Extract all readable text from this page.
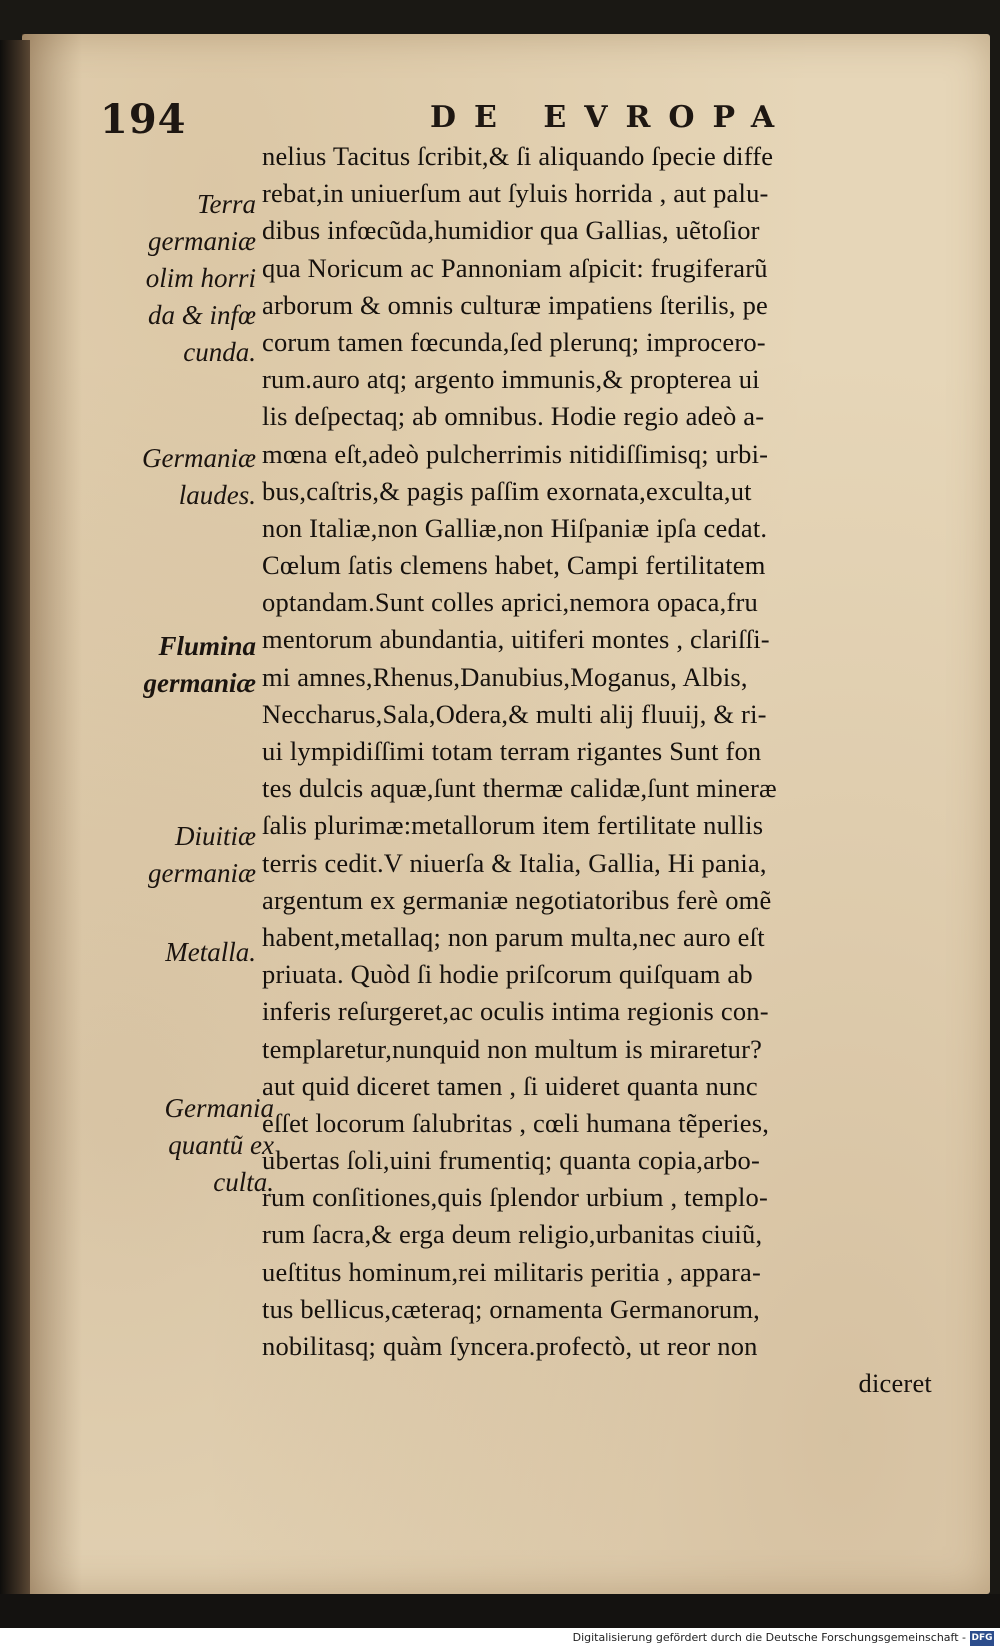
194	DE EVROPA
nelius Tacitus ſcribit,& ſi aliquando ſpecie diffe
rebat,in uniuerſum aut ſyluis horrida , aut palu-
dibus infœcũda,humidior qua Gallias, uẽtoſior
qua Noricum ac Pannoniam aſpicit: frugiferarũ
arborum & omnis culturæ impatiens ſterilis, pe
corum tamen fœcunda,ſed plerunq; improcero-
rum.auro atq; argento immunis,& propterea ui
lis deſpectaq; ab omnibus. Hodie regio adeò a-
mœna eſt,adeò pulcherrimis nitidiſſimisq; urbi-
bus,caſtris,& pagis paſſim exornata,exculta,ut
non Italiæ,non Galliæ,non Hiſpaniæ ipſa cedat.
Cœlum ſatis clemens habet, Campi fertilitatem
optandam.Sunt colles aprici,nemora opaca,fru
mentorum abundantia, uitiferi montes , clariſſi-
mi amnes,Rhenus,Danubius,Moganus, Albis,
Neccharus,Sala,Odera,& multi alij fluuij, & ri-
ui lympidiſſimi totam terram rigantes Sunt fon
tes dulcis aquæ,ſunt thermæ calidæ,ſunt mineræ
ſalis plurimæ:metallorum item fertilitate nullis
terris cedit.V niuerſa & Italia, Gallia, Hi pania,
argentum ex germaniæ negotiatoribus ferè omẽ
habent,metallaq; non parum multa,nec auro eſt
priuata. Quòd ſi hodie priſcorum quiſquam ab
inferis reſurgeret,ac oculis intima regionis con-
templaretur,nunquid non multum is miraretur?
aut quid diceret tamen , ſi uideret quanta nunc
eſſet locorum ſalubritas , cœli humana tẽperies,
ubertas ſoli,uini frumentiq; quanta copia,arbo-
rum conſitiones,quis ſplendor urbium , templo-
rum ſacra,& erga deum religio,urbanitas ciuiũ,
ueſtitus hominum,rei militaris peritia , appara-
tus bellicus,cæteraq; ornamenta Germanorum,
nobilitasq; quàm ſyncera.profectò, ut reor non
diceret
Terra
germaniæ
olim horri
da & infœ
cunda.
Germaniæ
laudes.
Flumina
germaniæ
Diuitiæ
germaniæ
Metalla.
Germania
quantũ ex
culta.
Digitalisierung gefördert durch die Deutsche Forschungsgemeinschaft - DFG
